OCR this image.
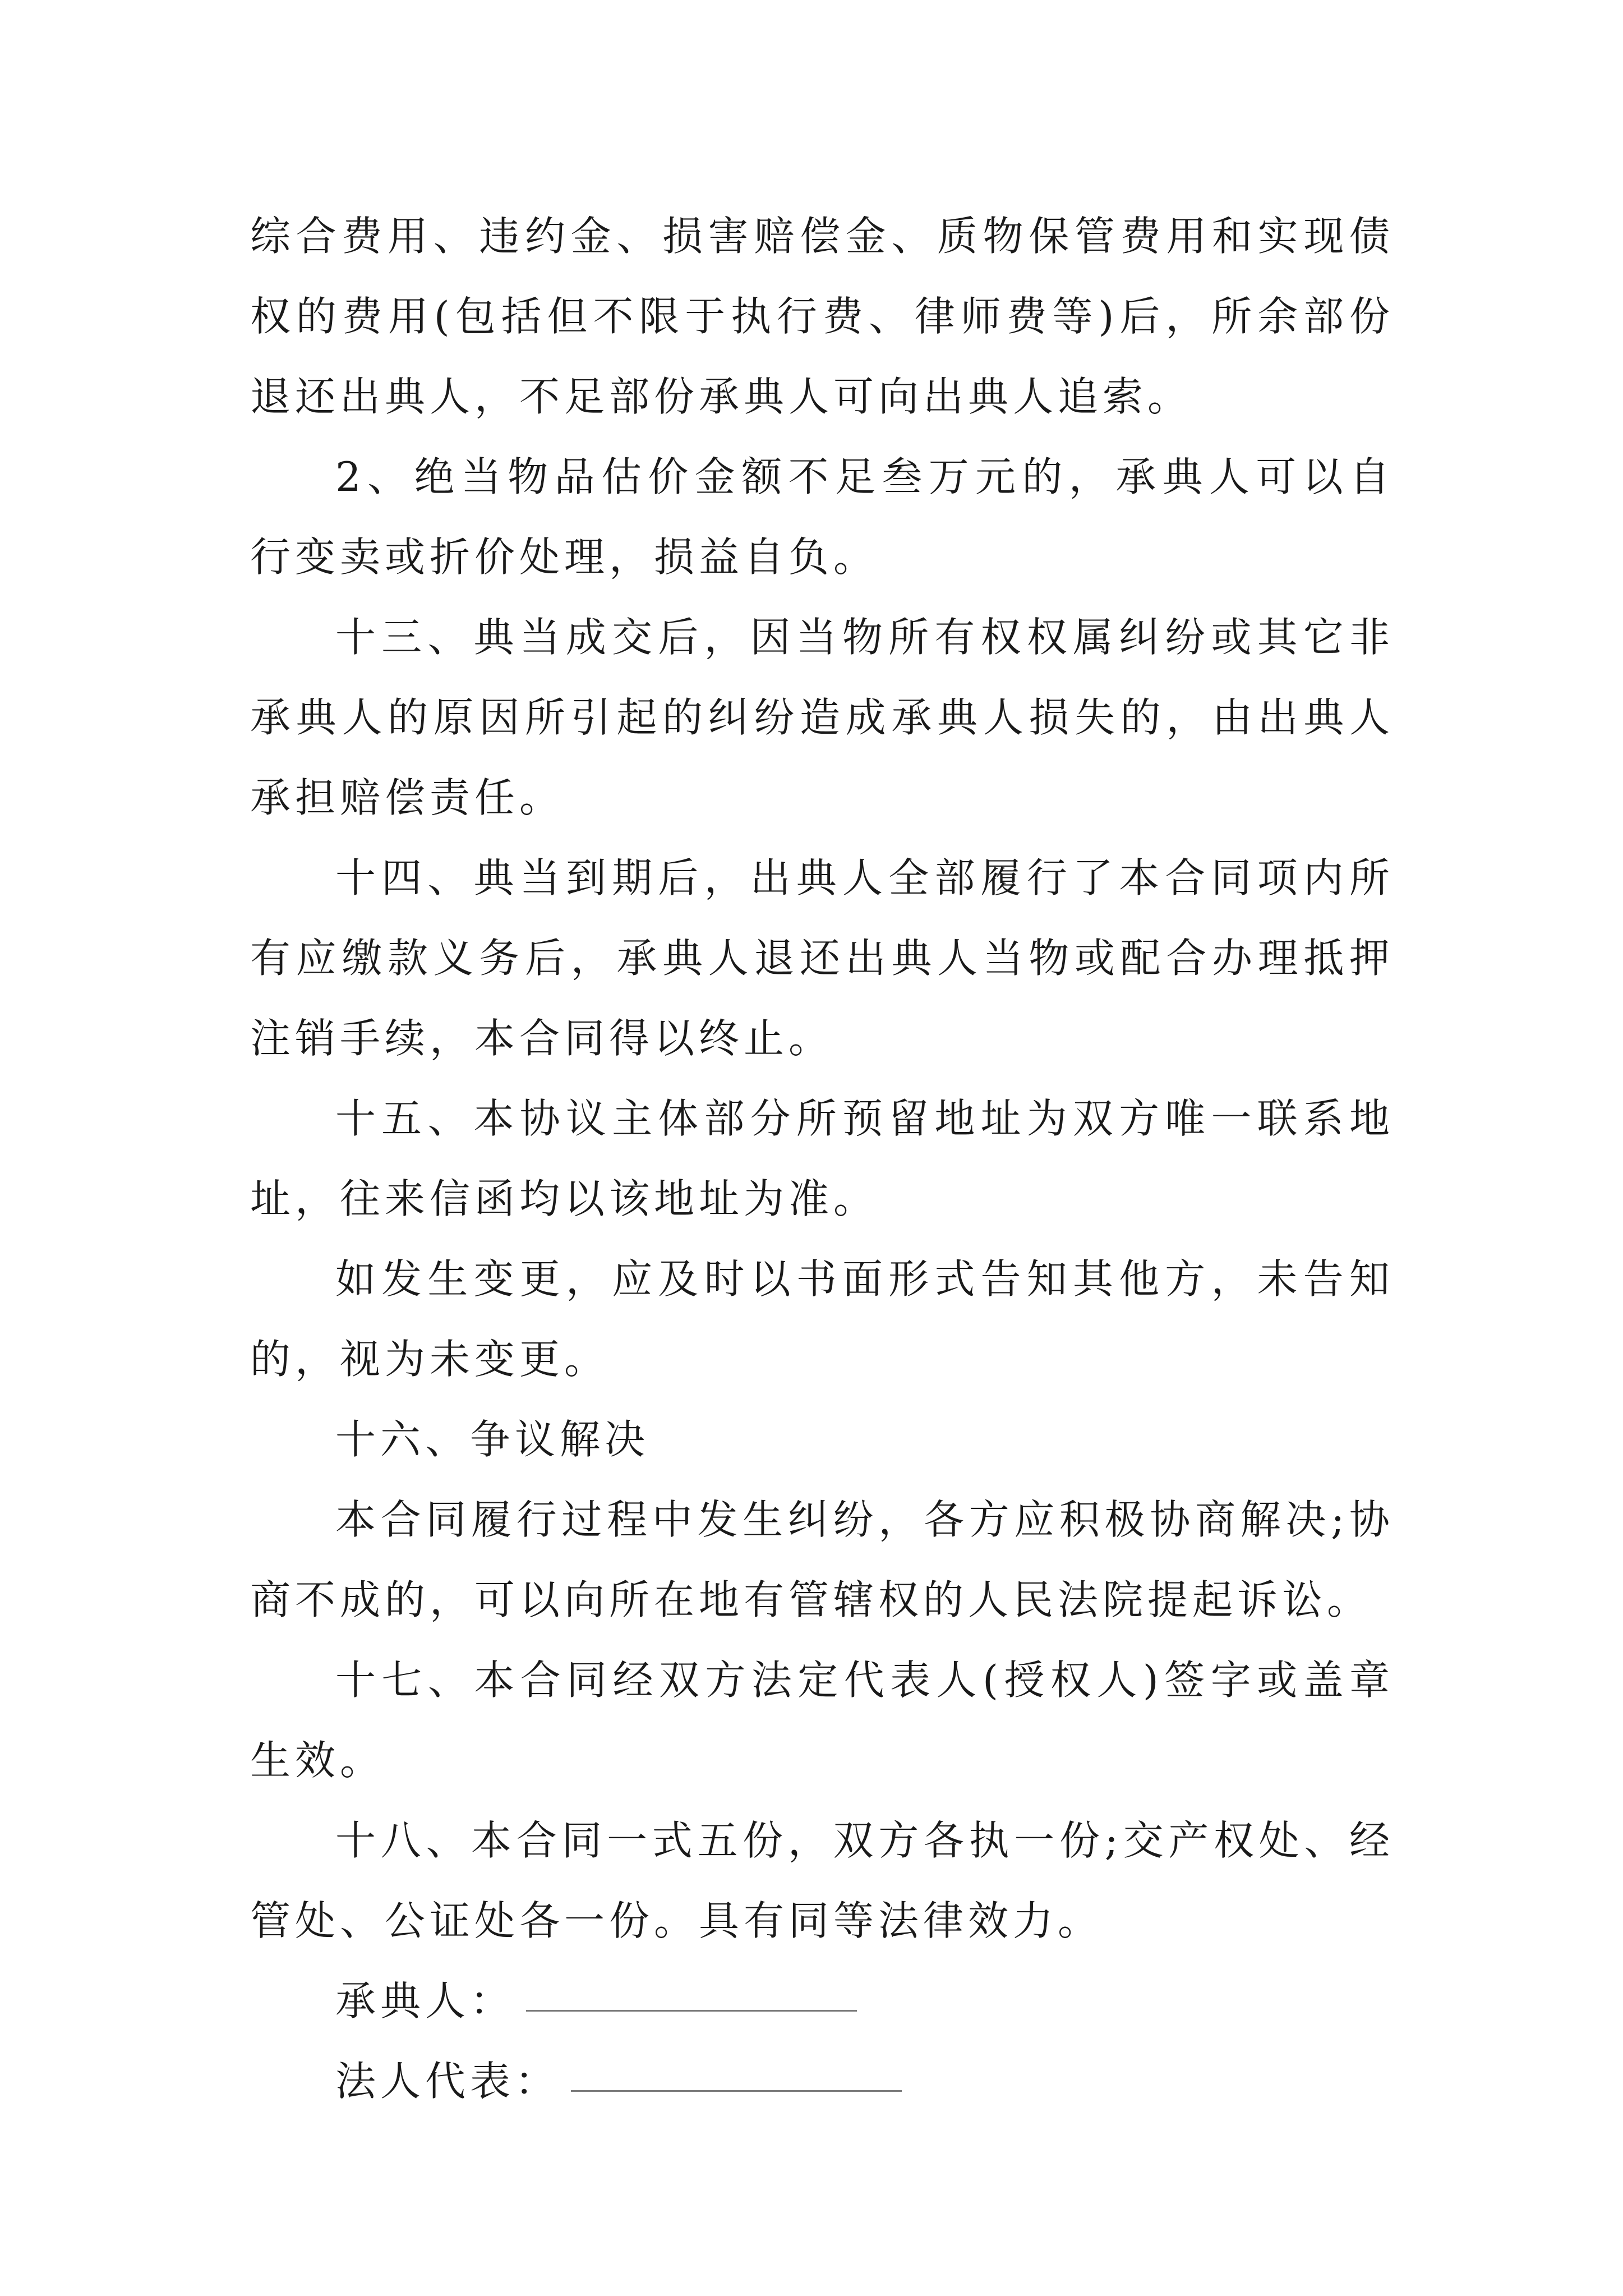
综合费用、违约金、损害赔偿金、质物保管费用和实现债权的费用(包括但不限于执行费、律师费等)后，所余部份退还出典人，不足部份承典人可向出典人追索。

2、绝当物品估价金额不足叁万元的，承典人可以自行变卖或折价处理，损益自负。

十三、典当成交后，因当物所有权权属纠纷或其它非承典人的原因所引起的纠纷造成承典人损失的，由出典人承担赔偿责任。

十四、典当到期后，出典人全部履行了本合同项内所有应缴款义务后，承典人退还出典人当物或配合办理抵押注销手续，本合同得以终止。

十五、本协议主体部分所预留地址为双方唯一联系地址，往来信函均以该地址为准。

如发生变更，应及时以书面形式告知其他方，未告知的，视为未变更。

十六、争议解决

本合同履行过程中发生纠纷，各方应积极协商解决;协商不成的，可以向所在地有管辖权的人民法院提起诉讼。

十七、本合同经双方法定代表人(授权人)签字或盖章生效。

十八、本合同一式五份，双方各执一份;交产权处、经管处、公证处各一份。具有同等法律效力。

承典人：

法人代表：
